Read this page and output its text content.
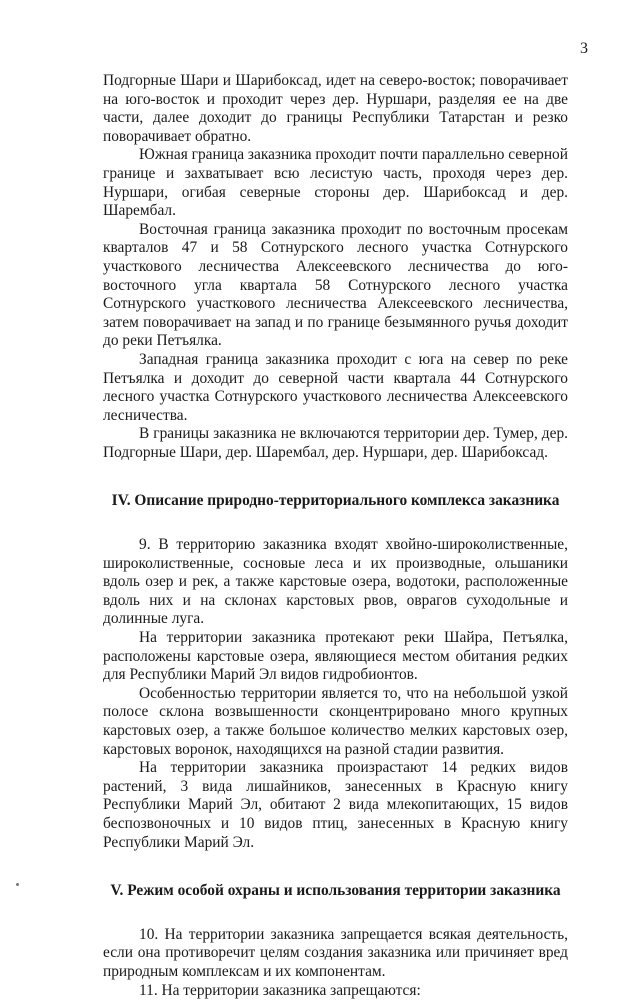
3

Подгорные Шари и Шарибоксад, идет на северо-восток; поворачивает на юго-восток и проходит через дер. Нуршари, разделяя ее на две части, далее доходит до границы Республики Татарстан и резко поворачивает обратно.

Южная граница заказника проходит почти параллельно северной границе и захватывает всю лесистую часть, проходя через дер. Нуршари, огибая северные стороны дер. Шарибоксад и дер. Шарембал.

Восточная граница заказника проходит по восточным просекам кварталов 47 и 58 Сотнурского лесного участка Сотнурского участкового лесничества Алексеевского лесничества до юго-восточного угла квартала 58 Сотнурского лесного участка Сотнурского участкового лесничества Алексеевского лесничества, затем поворачивает на запад и по границе безымянного ручья доходит до реки Петъялка.

Западная граница заказника проходит с юга на север по реке Петъялка и доходит до северной части квартала 44 Сотнурского лесного участка Сотнурского участкового лесничества Алексеевского лесничества.

В границы заказника не включаются территории дер. Тумер, дер. Подгорные Шари, дер. Шарембал, дер. Нуршари, дер. Шарибоксад.

IV. Описание природно-территориального комплекса заказника

9. В территорию заказника входят хвойно-широколиственные, широколиственные, сосновые леса и их производные, ольшаники вдоль озер и рек, а также карстовые озера, водотоки, расположенные вдоль них и на склонах карстовых рвов, оврагов суходольные и долинные луга.

На территории заказника протекают реки Шайра, Петъялка, расположены карстовые озера, являющиеся местом обитания редких для Республики Марий Эл видов гидробионтов.

Особенностью территории является то, что на небольшой узкой полосе склона возвышенности сконцентрировано много крупных карстовых озер, а также большое количество мелких карстовых озер, карстовых воронок, находящихся на разной стадии развития.

На территории заказника произрастают 14 редких видов растений, 3 вида лишайников, занесенных в Красную книгу Республики Марий Эл, обитают 2 вида млекопитающих, 15 видов беспозвоночных и 10 видов птиц, занесенных в Красную книгу Республики Марий Эл.

V. Режим особой охраны и использования территории заказника

10. На территории заказника запрещается всякая деятельность, если она противоречит целям создания заказника или причиняет вред природным комплексам и их компонентам.

11. На территории заказника запрещаются:
